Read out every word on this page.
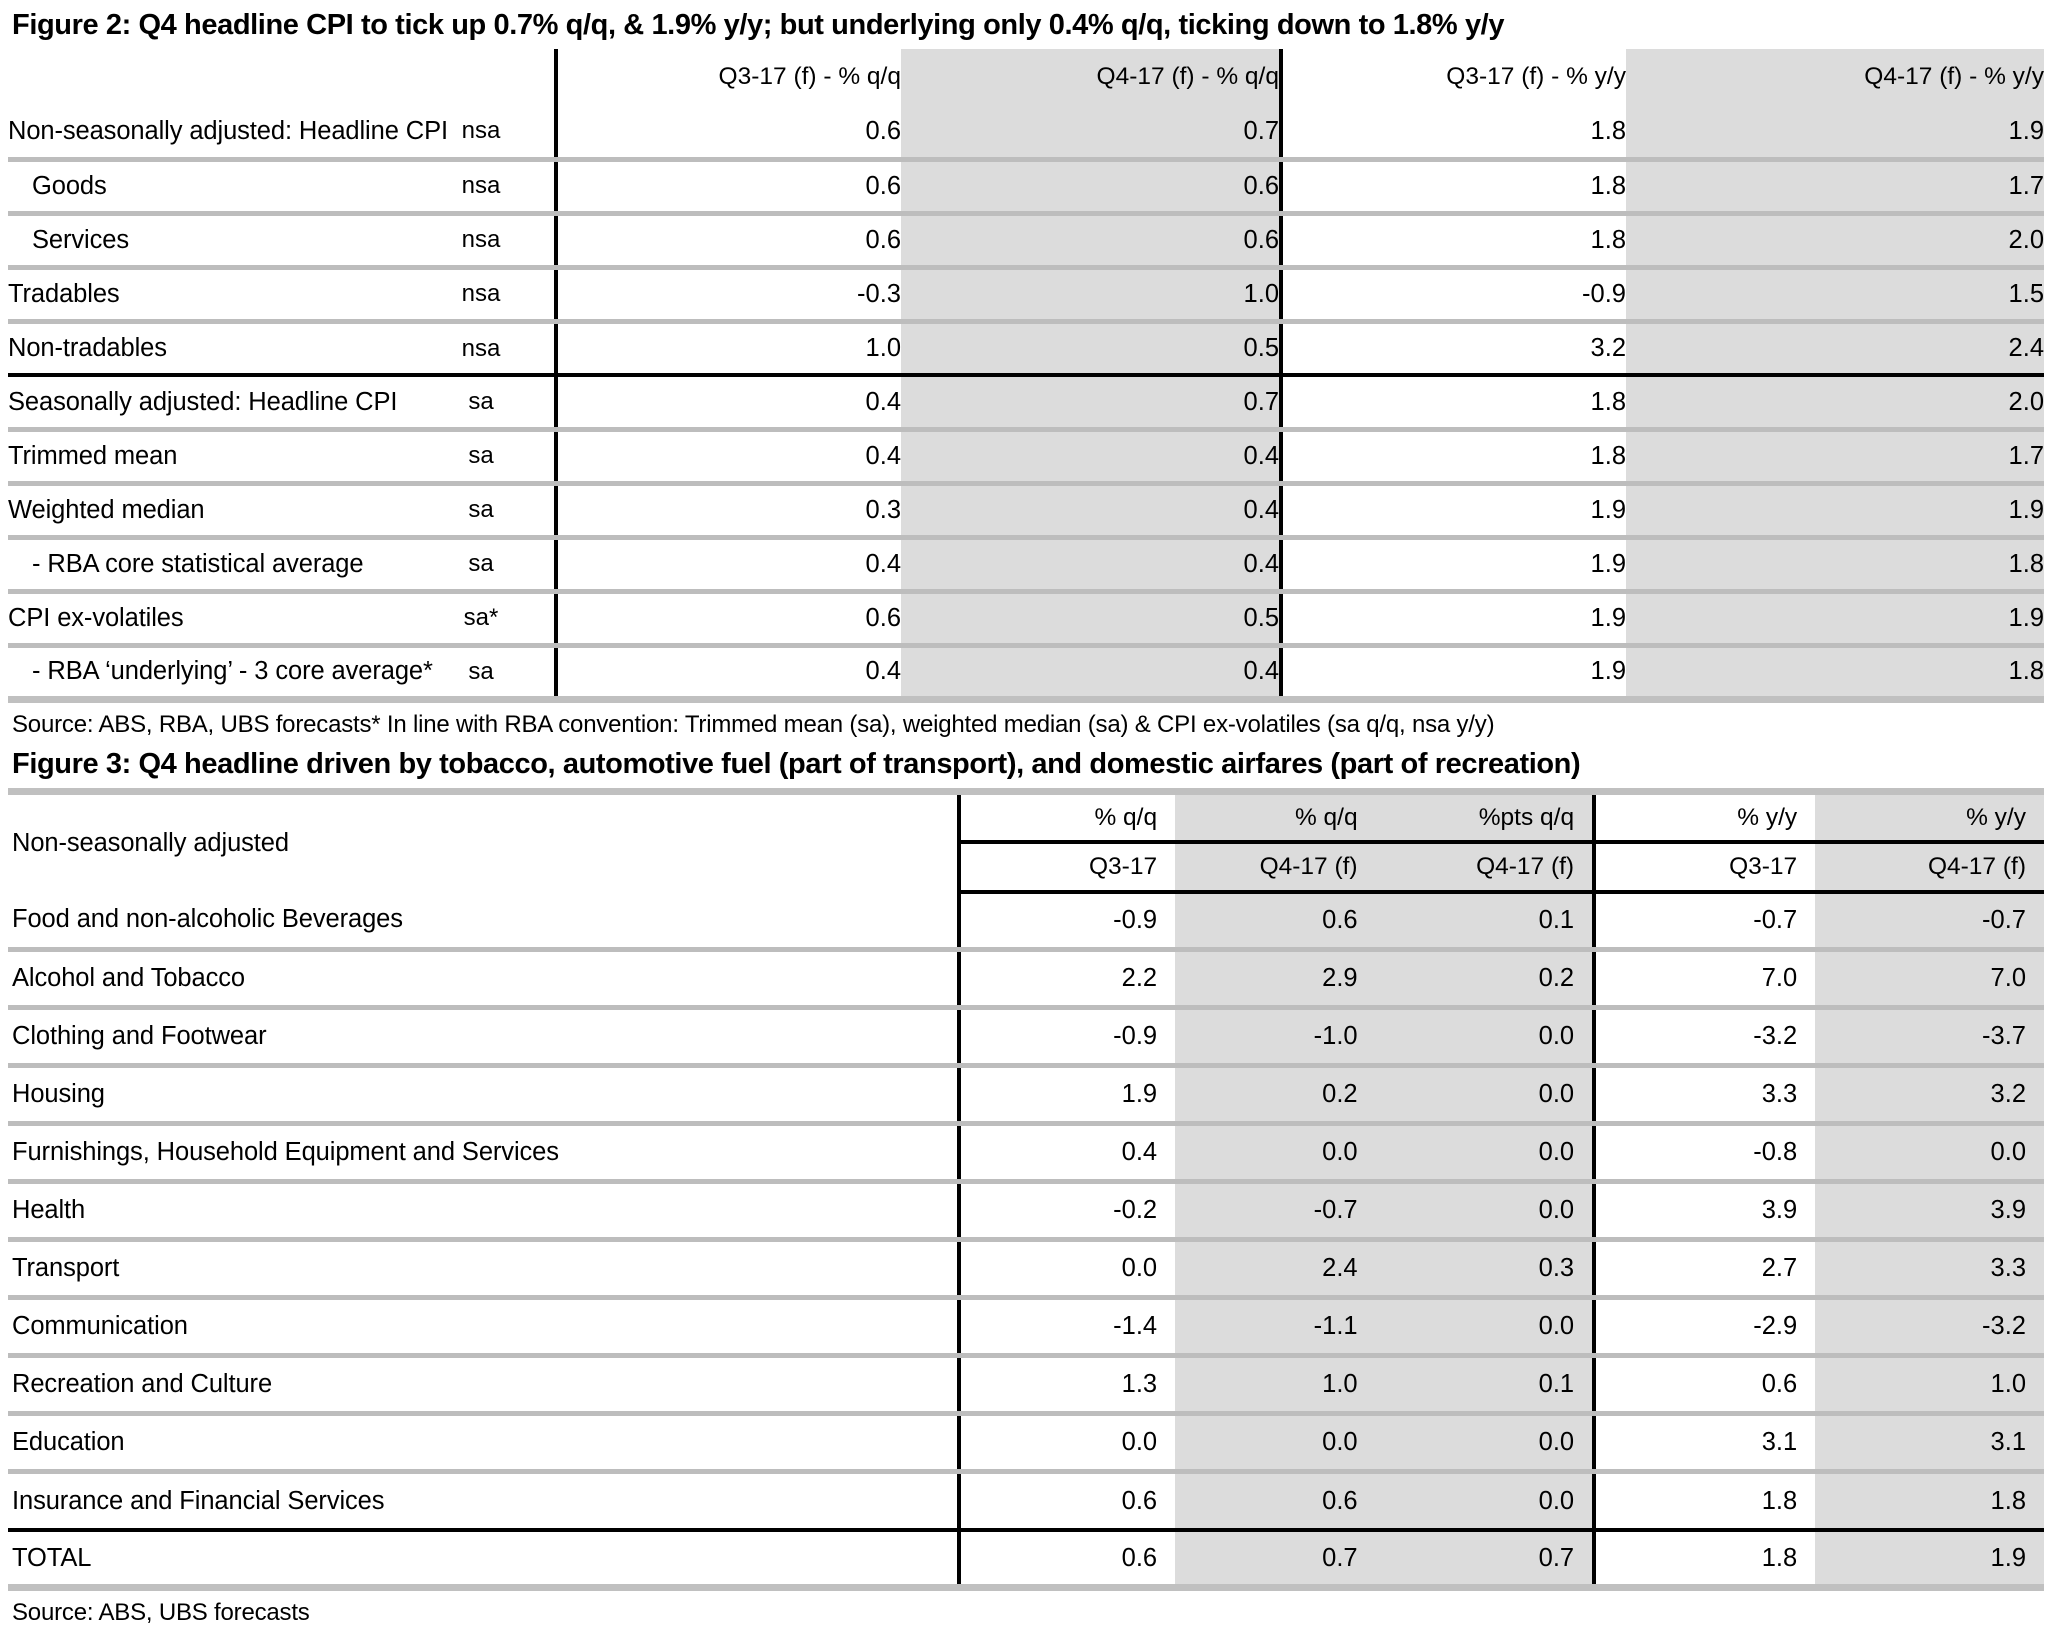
Figure 2: Q4 headline CPI to tick up 0.7% q/q, & 1.9% y/y; but underlying only 0.4% q/q, ticking down to 1.8% y/y
		Q3-17 (f) - % q/q	Q4-17 (f) - % q/q	Q3-17 (f) - % y/y	Q4-17 (f) - % y/y
Non-seasonally adjusted: Headline CPI	nsa	0.6	0.7	1.8	1.9
Goods	nsa	0.6	0.6	1.8	1.7
Services	nsa	0.6	0.6	1.8	2.0
Tradables	nsa	-0.3	1.0	-0.9	1.5
Non-tradables	nsa	1.0	0.5	3.2	2.4
Seasonally adjusted: Headline CPI	sa	0.4	0.7	1.8	2.0
Trimmed mean	sa	0.4	0.4	1.8	1.7
Weighted median	sa	0.3	0.4	1.9	1.9
- RBA core statistical average	sa	0.4	0.4	1.9	1.8
CPI ex-volatiles	sa*	0.6	0.5	1.9	1.9
- RBA ‘underlying’ - 3 core average*	sa	0.4	0.4	1.9	1.8
Source: ABS, RBA, UBS forecasts* In line with RBA convention: Trimmed mean (sa), weighted median (sa) & CPI ex-volatiles (sa q/q, nsa y/y)
Figure 3: Q4 headline driven by tobacco, automotive fuel (part of transport), and domestic airfares (part of recreation)
Non-seasonally adjusted	% q/q	% q/q	%pts q/q	% y/y	% y/y
	Q3-17	Q4-17 (f)	Q4-17 (f)	Q3-17	Q4-17 (f)
Food and non-alcoholic Beverages	-0.9	0.6	0.1	-0.7	-0.7
Alcohol and Tobacco	2.2	2.9	0.2	7.0	7.0
Clothing and Footwear	-0.9	-1.0	0.0	-3.2	-3.7
Housing	1.9	0.2	0.0	3.3	3.2
Furnishings, Household Equipment and Services	0.4	0.0	0.0	-0.8	0.0
Health	-0.2	-0.7	0.0	3.9	3.9
Transport	0.0	2.4	0.3	2.7	3.3
Communication	-1.4	-1.1	0.0	-2.9	-3.2
Recreation and Culture	1.3	1.0	0.1	0.6	1.0
Education	0.0	0.0	0.0	3.1	3.1
Insurance and Financial Services	0.6	0.6	0.0	1.8	1.8
TOTAL	0.6	0.7	0.7	1.8	1.9
Source: ABS, UBS forecasts
